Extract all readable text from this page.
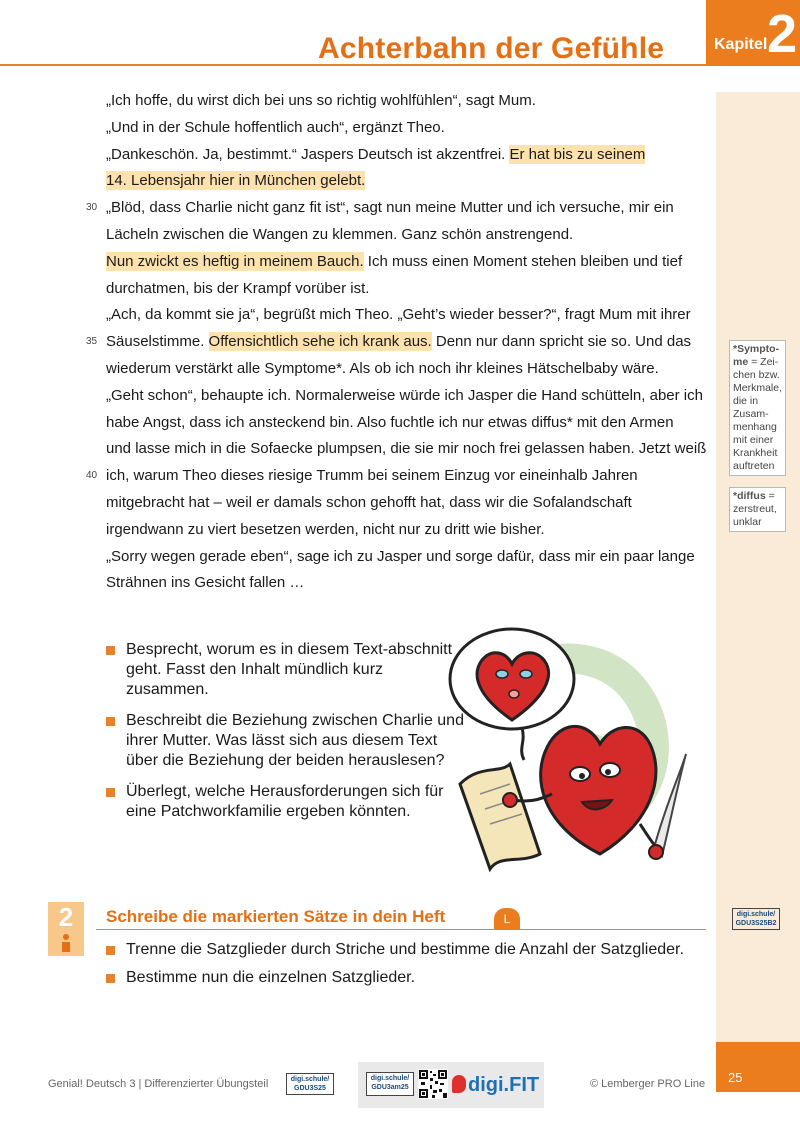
Achterbahn der Gefühle	Kapitel 2
25
*Sympto-me = Zei-chen bzw. Merkmale, die in Zusam-menhang mit einer Krankheit auftreten
*diffus = zerstreut, unklar
„Ich hoffe, du wirst dich bei uns so richtig wohlfühlen“, sagt Mum.
„Und in der Schule hoffentlich auch“, ergänzt Theo.
„Dankeschön. Ja, bestimmt.“ Jaspers Deutsch ist akzentfrei. Er hat bis zu seinem
14. Lebensjahr hier in München gelebt.
30 „Blöd, dass Charlie nicht ganz fit ist“, sagt nun meine Mutter und ich versuche, mir ein
Lächeln zwischen die Wangen zu klemmen. Ganz schön anstrengend.
Nun zwickt es heftig in meinem Bauch. Ich muss einen Moment stehen bleiben und tief
durchatmen, bis der Krampf vorüber ist.
„Ach, da kommt sie ja“, begrüßt mich Theo. „Geht’s wieder besser?“, fragt Mum mit ihrer
35 Säuselstimme. Offensichtlich sehe ich krank aus. Denn nur dann spricht sie so. Und das
wiederum verstärkt alle Symptome*. Als ob ich noch ihr kleines Hätschelbaby wäre.
„Geht schon“, behaupte ich. Normalerweise würde ich Jasper die Hand schütteln, aber ich
habe Angst, dass ich ansteckend bin. Also fuchtle ich nur etwas diffus* mit den Armen
und lasse mich in die Sofaecke plumpsen, die sie mir noch frei gelassen haben. Jetzt weiß
40 ich, warum Theo dieses riesige Trumm bei seinem Einzug vor eineinhalb Jahren
mitgebracht hat – weil er damals schon gehofft hat, dass wir die Sofalandschaft
irgendwann zu viert besetzen werden, nicht nur zu dritt wie bisher.
„Sorry wegen gerade eben“, sage ich zu Jasper und sorge dafür, dass mir ein paar lange
Strähnen ins Gesicht fallen …
Besprecht, worum es in diesem Text-abschnitt geht. Fasst den Inhalt mündlich kurz zusammen.
Beschreibt die Beziehung zwischen Charlie und ihrer Mutter. Was lässt sich aus diesem Text über die Beziehung der beiden herauslesen?
Überlegt, welche Herausforderungen sich für eine Patchworkfamilie ergeben könnten.
2	Schreibe die markierten Sätze in dein Heft	L
Trenne die Satzglieder durch Striche und bestimme die Anzahl der Satzglieder.
Bestimme nun die einzelnen Satzglieder.
digi.schule/
GDU3S25B2
Genial! Deutsch 3 | Differenzierter Übungsteil	digi.schule/
GDU3S25
digi.schule/
GDU3am25	digi.FIT	© Lemberger PRO Line
